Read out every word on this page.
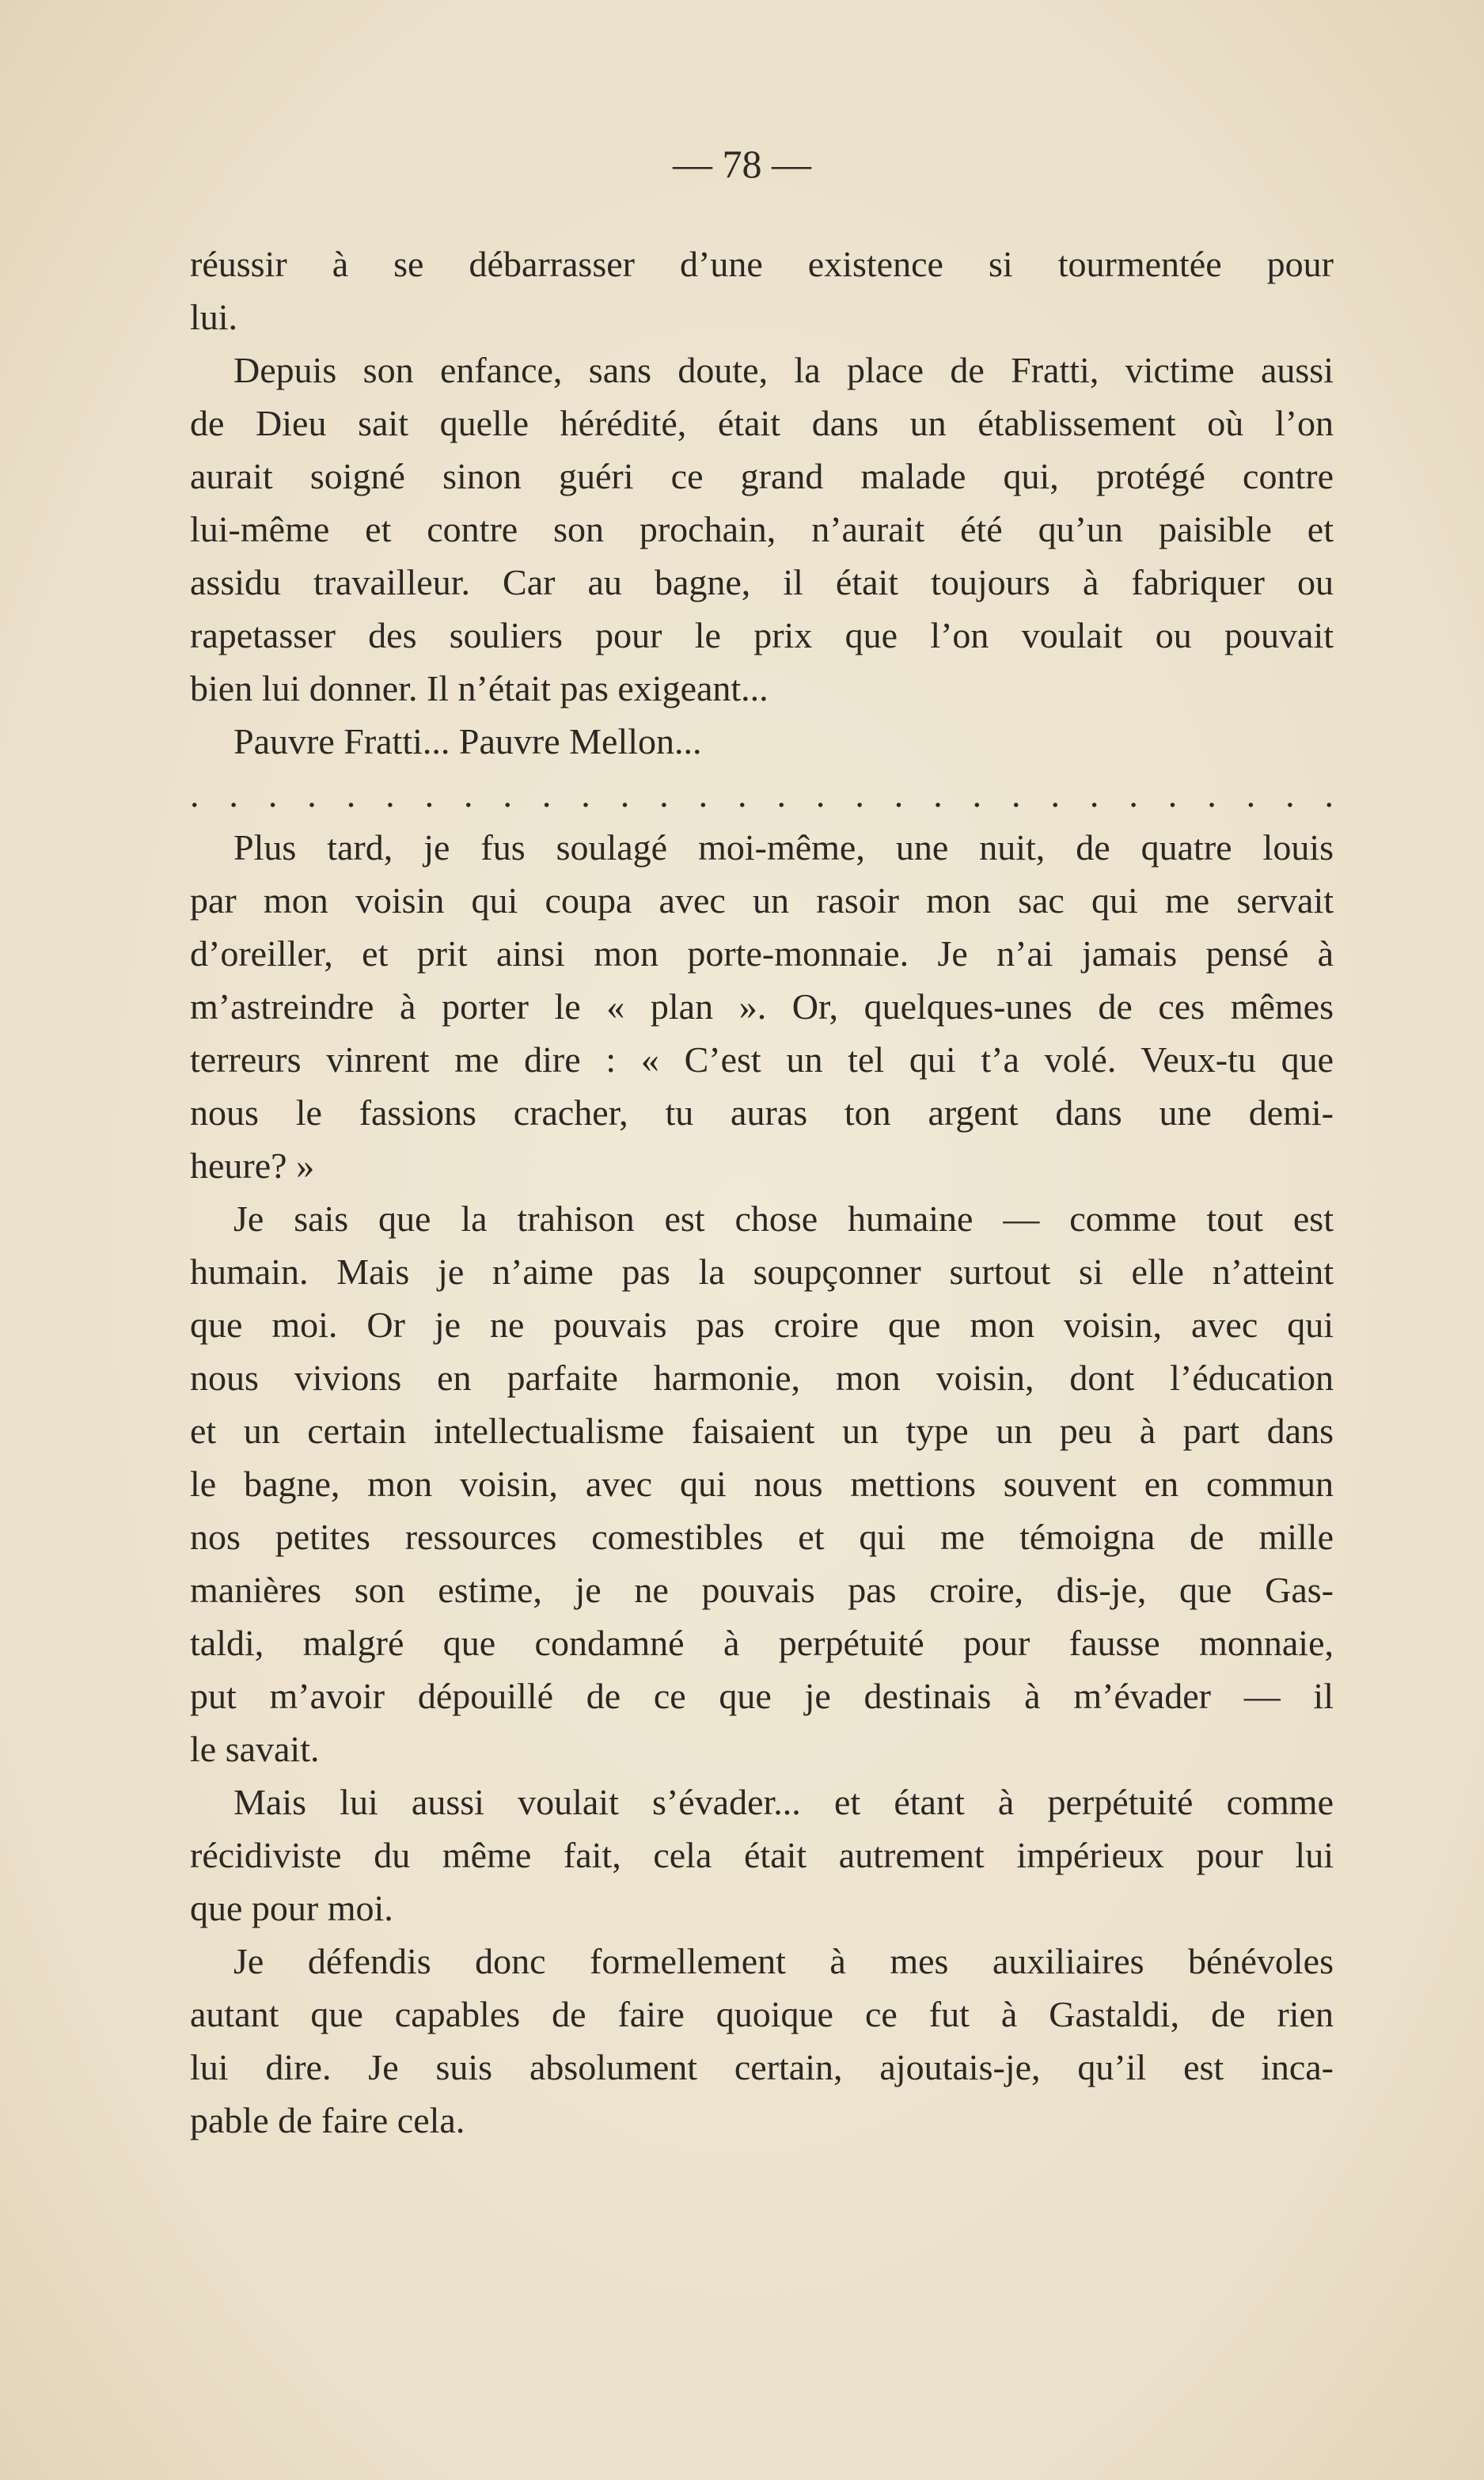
— 78 —
réussir à se débarrasser d’une existence si tourmentée pour
lui.
Depuis son enfance, sans doute, la place de Fratti, victime aussi
de Dieu sait quelle hérédité, était dans un établissement où l’on
aurait soigné sinon guéri ce grand malade qui, protégé contre
lui-même et contre son prochain, n’aurait été qu’un paisible et
assidu travailleur. Car au bagne, il était toujours à fabriquer ou
rapetasser des souliers pour le prix que l’on voulait ou pouvait
bien lui donner. Il n’était pas exigeant...
Pauvre Fratti... Pauvre Mellon...
. . . . . . . . . . . . . . . . . . . . . . . . . . . . . .
Plus tard, je fus soulagé moi-même, une nuit, de quatre louis
par mon voisin qui coupa avec un rasoir mon sac qui me servait
d’oreiller, et prit ainsi mon porte-monnaie. Je n’ai jamais pensé à
m’astreindre à porter le « plan ». Or, quelques-unes de ces mêmes
terreurs vinrent me dire : « C’est un tel qui t’a volé. Veux-tu que
nous le fassions cracher, tu auras ton argent dans une demi-
heure? »
Je sais que la trahison est chose humaine — comme tout est
humain. Mais je n’aime pas la soupçonner surtout si elle n’atteint
que moi. Or je ne pouvais pas croire que mon voisin, avec qui
nous vivions en parfaite harmonie, mon voisin, dont l’éducation
et un certain intellectualisme faisaient un type un peu à part dans
le bagne, mon voisin, avec qui nous mettions souvent en commun
nos petites ressources comestibles et qui me témoigna de mille
manières son estime, je ne pouvais pas croire, dis-je, que Gas-
taldi, malgré que condamné à perpétuité pour fausse monnaie,
put m’avoir dépouillé de ce que je destinais à m’évader — il
le savait.
Mais lui aussi voulait s’évader... et étant à perpétuité comme
récidiviste du même fait, cela était autrement impérieux pour lui
que pour moi.
Je défendis donc formellement à mes auxiliaires bénévoles
autant que capables de faire quoique ce fut à Gastaldi, de rien
lui dire. Je suis absolument certain, ajoutais-je, qu’il est inca-
pable de faire cela.
